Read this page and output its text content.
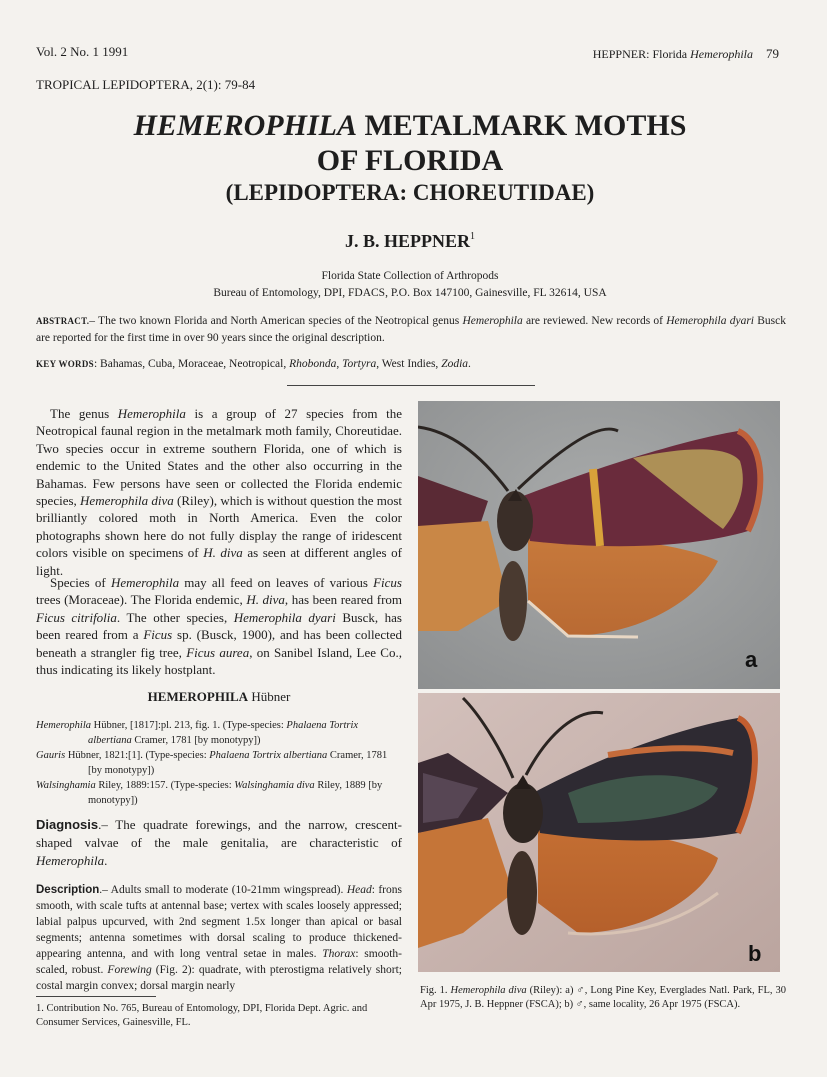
Vol. 2 No. 1 1991	HEPPNER: Florida Hemerophila 79
TROPICAL LEPIDOPTERA, 2(1): 79-84
HEMEROPHILA METALMARK MOTHS
OF FLORIDA
(LEPIDOPTERA: CHOREUTIDAE)
J. B. HEPPNER$^1$
Florida State Collection of Arthropods
Bureau of Entomology, DPI, FDACS, P.O. Box 147100, Gainesville, FL 32614, USA
ABSTRACT.– The two known Florida and North American species of the Neotropical genus Hemerophila are reviewed. New records of Hemerophila dyari Busck are reported for the first time in over 90 years since the original description.
KEY WORDS: Bahamas, Cuba, Moraceae, Neotropical, Rhobonda, Tortyra, West Indies, Zodia.

The genus Hemerophila is a group of 27 species from the Neotropical faunal region in the metalmark moth family, Choreutidae. Two species occur in extreme southern Florida, one of which is endemic to the United States and the other also occurring in the Bahamas. Few persons have seen or collected the Florida endemic species, Hemerophila diva (Riley), which is without question the most brilliantly colored moth in North America. Even the color photographs shown here do not fully display the range of iridescent colors visible on specimens of H. diva as seen at different angles of light.

Species of Hemerophila may all feed on leaves of various Ficus trees (Moraceae). The Florida endemic, H. diva, has been reared from Ficus citrifolia. The other species, Hemerophila dyari Busck, has been reared from a Ficus sp. (Busck, 1900), and has been collected beneath a strangler fig tree, Ficus aurea, on Sanibel Island, Lee Co., thus indicating its likely hostplant.

HEMEROPHILA Hübner
Hemerophila Hübner, [1817]:pl. 213, fig. 1. (Type-species: Phalaena Tortrix albertiana Cramer, 1781 [by monotypy])
Gauris Hübner, 1821:[1]. (Type-species: Phalaena Tortrix albertiana Cramer, 1781 [by monotypy])
Walsinghamia Riley, 1889:157. (Type-species: Walsinghamia diva Riley, 1889 [by monotypy])
Diagnosis.– The quadrate forewings, and the narrow, crescent-shaped valvae of the male genitalia, are characteristic of Hemerophila.
Description.– Adults small to moderate (10-21mm wingspread). Head: frons smooth, with scale tufts at antennal base; vertex with scales loosely appressed; labial palpus upcurved, with 2nd segment 1.5x longer than apical or basal segments; antenna sometimes with dorsal scaling to produce thickened-appearing antenna, and with long ventral setae in males. Thorax: smooth-scaled, robust. Forewing (Fig. 2): quadrate, with pterostigma relatively short; costal margin convex; dorsal margin nearly
1. Contribution No. 765, Bureau of Entomology, DPI, Florida Dept. Agric. and Consumer Services, Gainesville, FL.
a
b
Fig. 1. Hemerophila diva (Riley): a) ♂, Long Pine Key, Everglades Natl. Park, FL, 30 Apr 1975, J. B. Heppner (FSCA); b) ♂, same locality, 26 Apr 1975 (FSCA).
